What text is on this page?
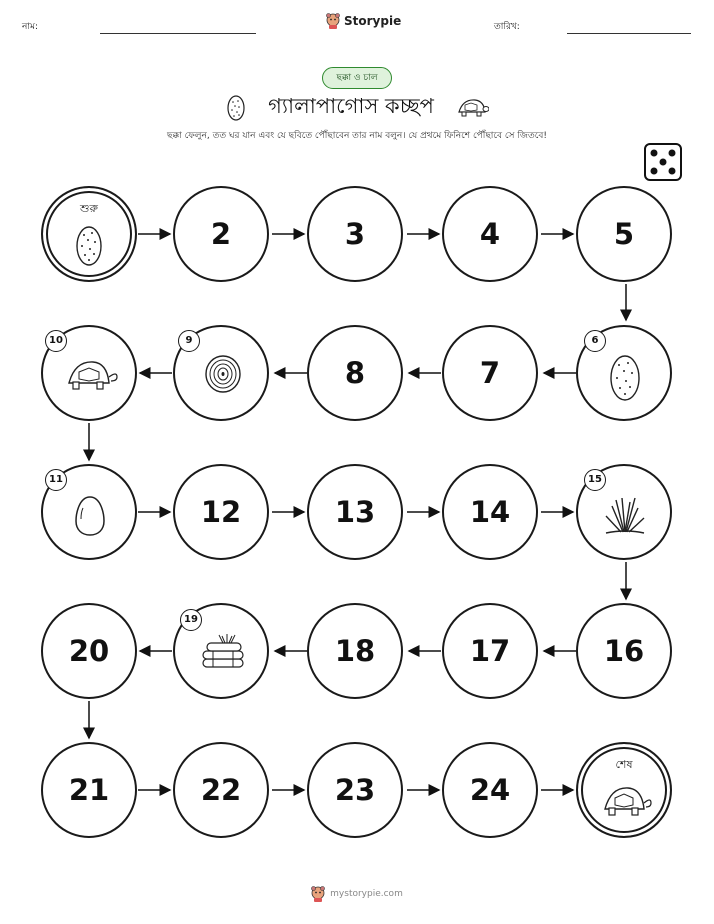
নাম:	Storypie	তারিখ:
ছক্কা ও চাল
গ্যালাপাগোস কচ্ছপ
ছক্কা ফেলুন, তত ঘর যান এবং যে ছবিতে পৌঁছাবেন তার নাম বলুন। যে প্রথমে ফিনিশে পৌঁছাবে সে জিতবে!
শুরু
2	3	4	5
10	9
8	7
6
11
12	13	14
15
20
19
18	17	16
21	22	23	24
শেষ
mystorypie.com
